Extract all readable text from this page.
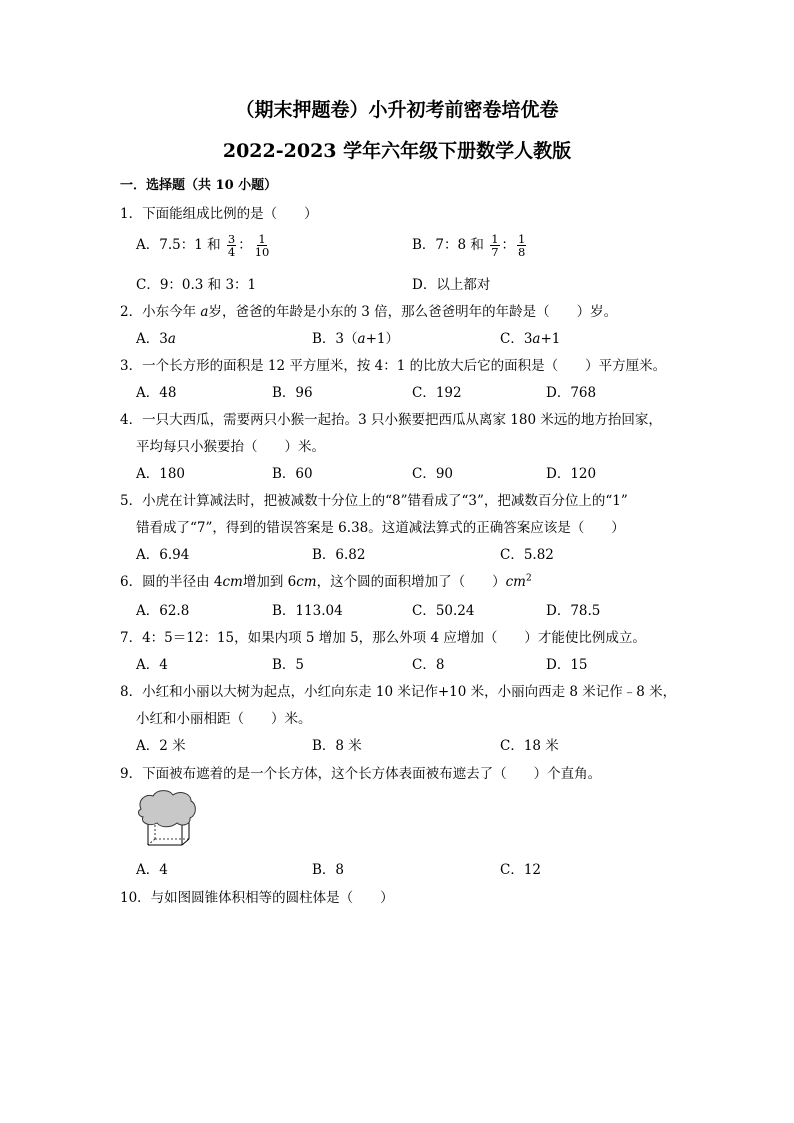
（期末押题卷）小升初考前密卷培优卷
2022-2023 学年六年级下册数学人教版
一．选择题（共 10 小题）
1．下面能组成比例的是（　　）
A．7.5：1 和 $\frac{3}{4}$ ： $\frac{1}{10}$	B．7：8 和 $\frac{1}{7}$ ： $\frac{1}{8}$
C．9：0.3 和 3：1	D．以上都对
2．小东今年 a岁，爸爸的年龄是小东的 3 倍，那么爸爸明年的年龄是（　　）岁。
A．3a	B．3（a+1）	C．3a+1
3．一个长方形的面积是 12 平方厘米，按 4：1 的比放大后它的面积是（　　）平方厘米。
A．48	B．96	C．192	D．768
4．一只大西瓜，需要两只小猴一起抬。3 只小猴要把西瓜从离家 180 米远的地方抬回家，
平均每只小猴要抬（　　）米。
A．180	B．60	C．90	D．120
5．小虎在计算减法时，把被减数十分位上的“8”错看成了“3”，把减数百分位上的“1”
错看成了“7”，得到的错误答案是 6.38。这道减法算式的正确答案应该是（　　）
A．6.94	B．6.82	C．5.82
6．圆的半径由 4cm增加到 6cm，这个圆的面积增加了（　　）$cm^2$
A．62.8	B．113.04	C．50.24	D．78.5
7．4：5＝12：15，如果内项 5 增加 5，那么外项 4 应增加（　　）才能使比例成立。
A．4	B．5	C．8	D．15
8．小红和小丽以大树为起点，小红向东走 10 米记作+10 米，小丽向西走 8 米记作﹣8 米，
小红和小丽相距（　　）米。
A．2 米	B．8 米	C．18 米
9．下面被布遮着的是一个长方体，这个长方体表面被布遮去了（　　）个直角。
A．4	B．8	C．12
10．与如图圆锥体积相等的圆柱体是（　　）
